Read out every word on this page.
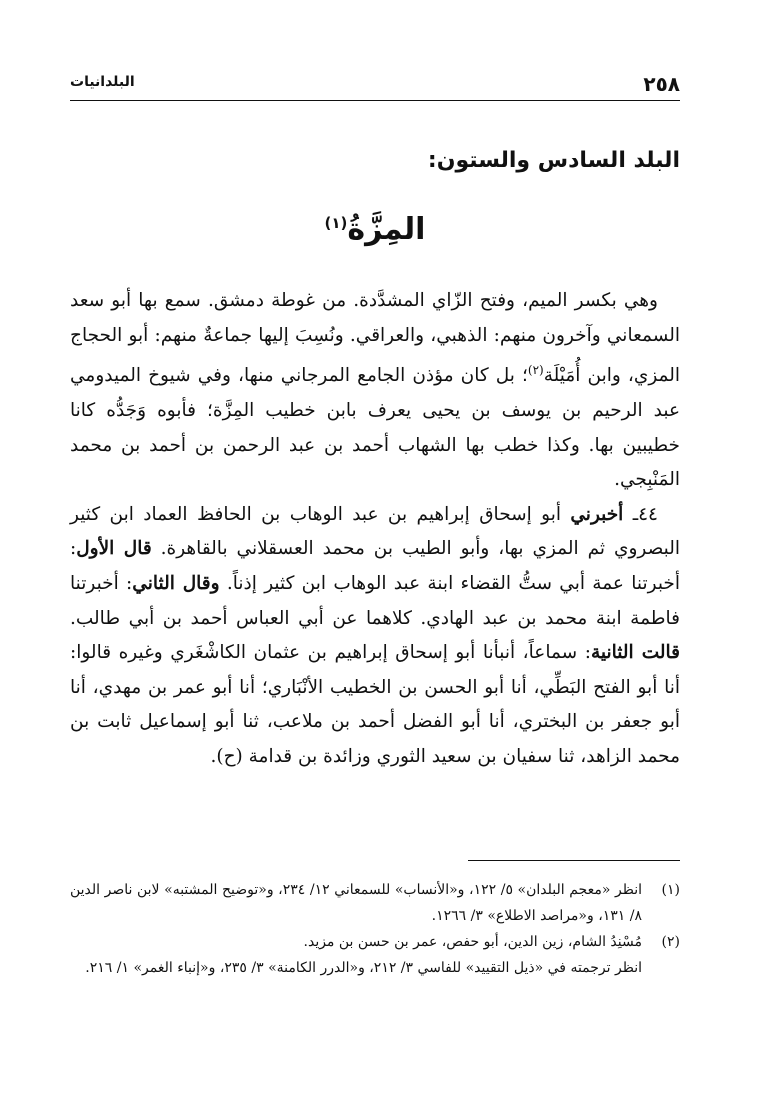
٢٥٨
البلدانيات
البلد السادس والستون:
المِزَّةُ$^{(١)}$

وهي بكسر الميم، وفتح الزّاي المشدَّدة. من غوطة دمشق. سمع بها أبو سعد السمعاني وآخرون منهم: الذهبي، والعراقي. ونُسِبَ إليها جماعةٌ منهم: أبو الحجاج المزي، وابن أُمَيْلَة$^{(٢)}$؛ بل كان مؤذن الجامع المرجاني منها، وفي شيوخ الميدومي عبد الرحيم بن يوسف بن يحيى يعرف بابن خطيب المِزَّة؛ فأبوه وَجَدُّه كانا خطيبين بها. وكذا خطب بها الشهاب أحمد بن عبد الرحمن بن أحمد بن محمد المَنْبِجي.

٤٤ـ أخبرني أبو إسحاق إبراهيم بن عبد الوهاب بن الحافظ العماد ابن كثير البصروي ثم المزي بها، وأبو الطيب بن محمد العسقلاني بالقاهرة. قال الأول: أخبرتنا عمة أبي ستُّ القضاء ابنة عبد الوهاب ابن كثير إذناً. وقال الثاني: أخبرتنا فاطمة ابنة محمد بن عبد الهادي. كلاهما عن أبي العباس أحمد بن أبي طالب. قالت الثانية: سماعاً، أنبأنا أبو إسحاق إبراهيم بن عثمان الكاشْغَري وغيره قالوا: أنا أبو الفتح البَطِّي، أنا أبو الحسن بن الخطيب الأنْبَاري؛ أنا أبو عمر بن مهدي، أنا أبو جعفر بن البختري، أنا أبو الفضل أحمد بن ملاعب، ثنا أبو إسماعيل ثابت بن محمد الزاهد، ثنا سفيان بن سعيد الثوري وزائدة بن قدامة (ح).

(١)
انظر «معجم البلدان» ٥/ ١٢٢، و«الأنساب» للسمعاني ١٢/ ٢٣٤، و«توضيح المشتبه» لابن ناصر الدين ٨/ ١٣١، و«مراصد الاطلاع» ٣/ ١٢٦٦.
(٢)
مُسْنِدُ الشام، زين الدين، أبو حفص، عمر بن حسن بن مزيد.
انظر ترجمته في «ذيل التقييد» للفاسي ٣/ ٢١٢، و«الدرر الكامنة» ٣/ ٢٣٥، و«إنباء الغمر» ١/ ٢١٦.
